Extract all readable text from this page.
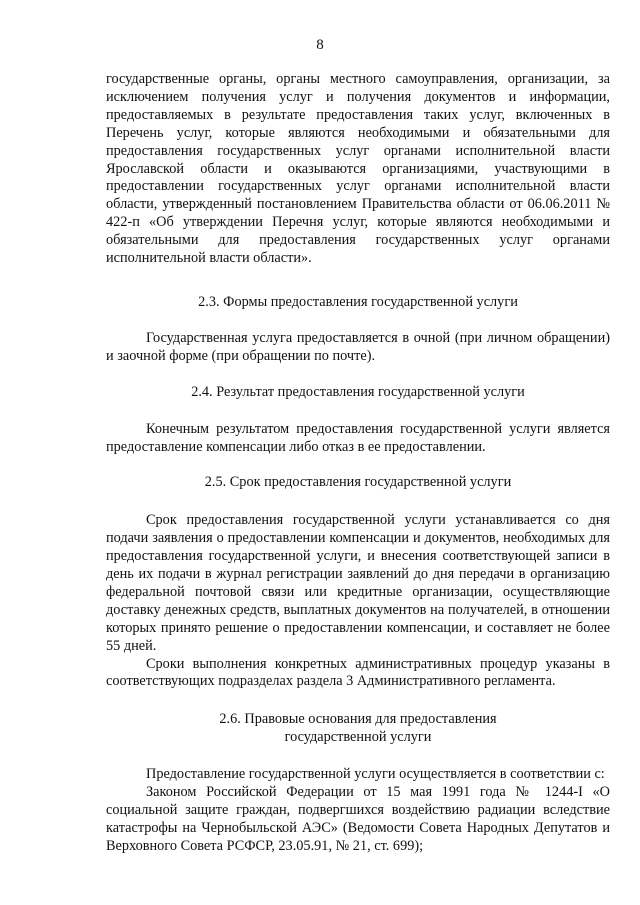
8

государственные органы, органы местного самоуправления, организации, за исключением получения услуг и получения документов и информации, предоставляемых в результате предоставления таких услуг, включенных в Перечень услуг, которые являются необходимыми и обязательными для предоставления государственных услуг органами исполнительной власти Ярославской области и оказываются организациями, участвующими в предоставлении государственных услуг органами исполнительной власти области, утвержденный постановлением Правительства области от 06.06.2011 № 422-п «Об утверждении Перечня услуг, которые являются необходимыми и обязательными для предоставления государственных услуг органами исполнительной власти области».

2.3. Формы предоставления государственной услуги

Государственная услуга предоставляется в очной (при личном обращении) и заочной форме (при обращении по почте).

2.4. Результат предоставления государственной услуги

Конечным результатом предоставления государственной услуги является предоставление компенсации либо отказ в ее предоставлении.

2.5. Срок предоставления государственной услуги

Срок предоставления государственной услуги устанавливается со дня подачи заявления о предоставлении компенсации и документов, необходимых для предоставления государственной услуги, и внесения соответствующей записи в день их подачи в журнал регистрации заявлений до дня передачи в организацию федеральной почтовой связи или кредитные организации, осуществляющие доставку денежных средств, выплатных документов на получателей, в отношении которых принято решение о предоставлении компенсации, и составляет не более 55 дней.

Сроки выполнения конкретных административных процедур указаны в соответствующих подразделах раздела 3 Административного регламента.

2.6. Правовые основания для предоставления

государственной услуги

Предоставление государственной услуги осуществляется в соответствии с:

Законом Российской Федерации от 15 мая 1991 года № 1244-I «О социальной защите граждан, подвергшихся воздействию радиации вследствие катастрофы на Чернобыльской АЭС» (Ведомости Совета Народных Депутатов и Верховного Совета РСФСР, 23.05.91, № 21, ст. 699);
